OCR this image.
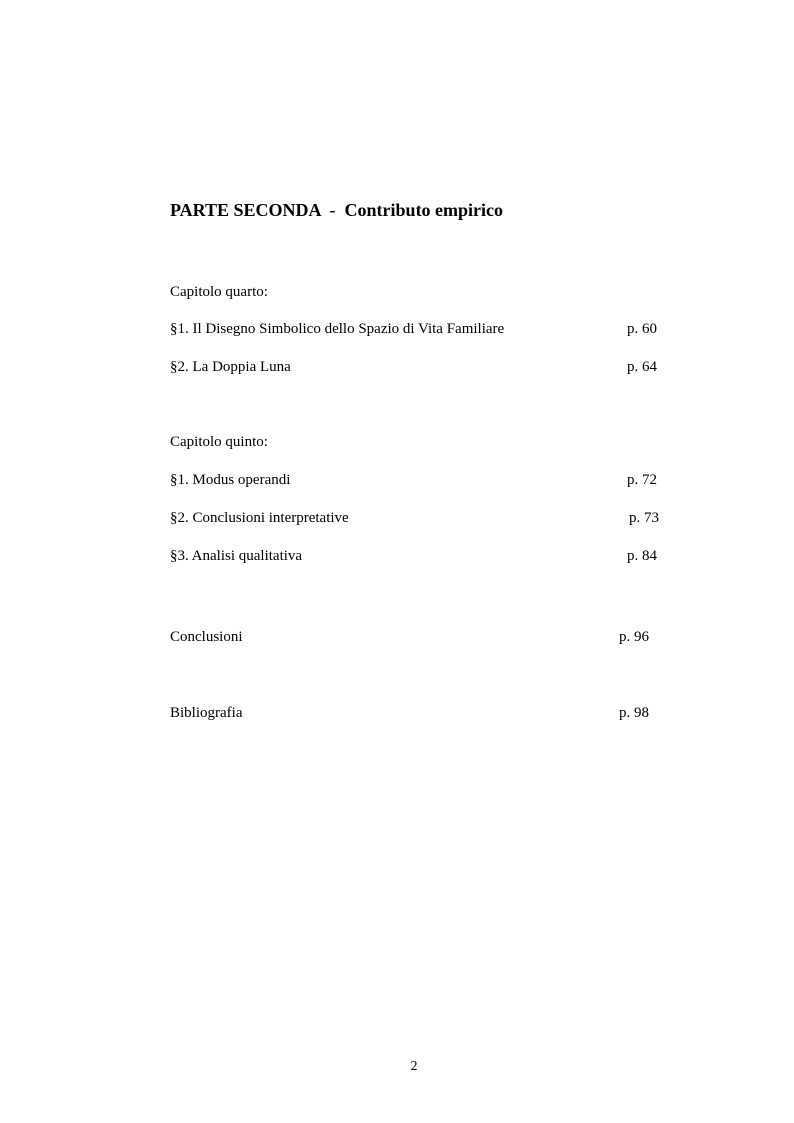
PARTE SECONDA  -  Contributo empirico
Capitolo quarto:
§1. Il Disegno Simbolico dello Spazio di Vita Familiare	p. 60
§2. La Doppia Luna	p. 64
Capitolo quinto:
§1. Modus operandi	p. 72
§2. Conclusioni interpretative	p. 73
§3. Analisi qualitativa	p. 84
Conclusioni	p. 96
Bibliografia	p. 98
2
